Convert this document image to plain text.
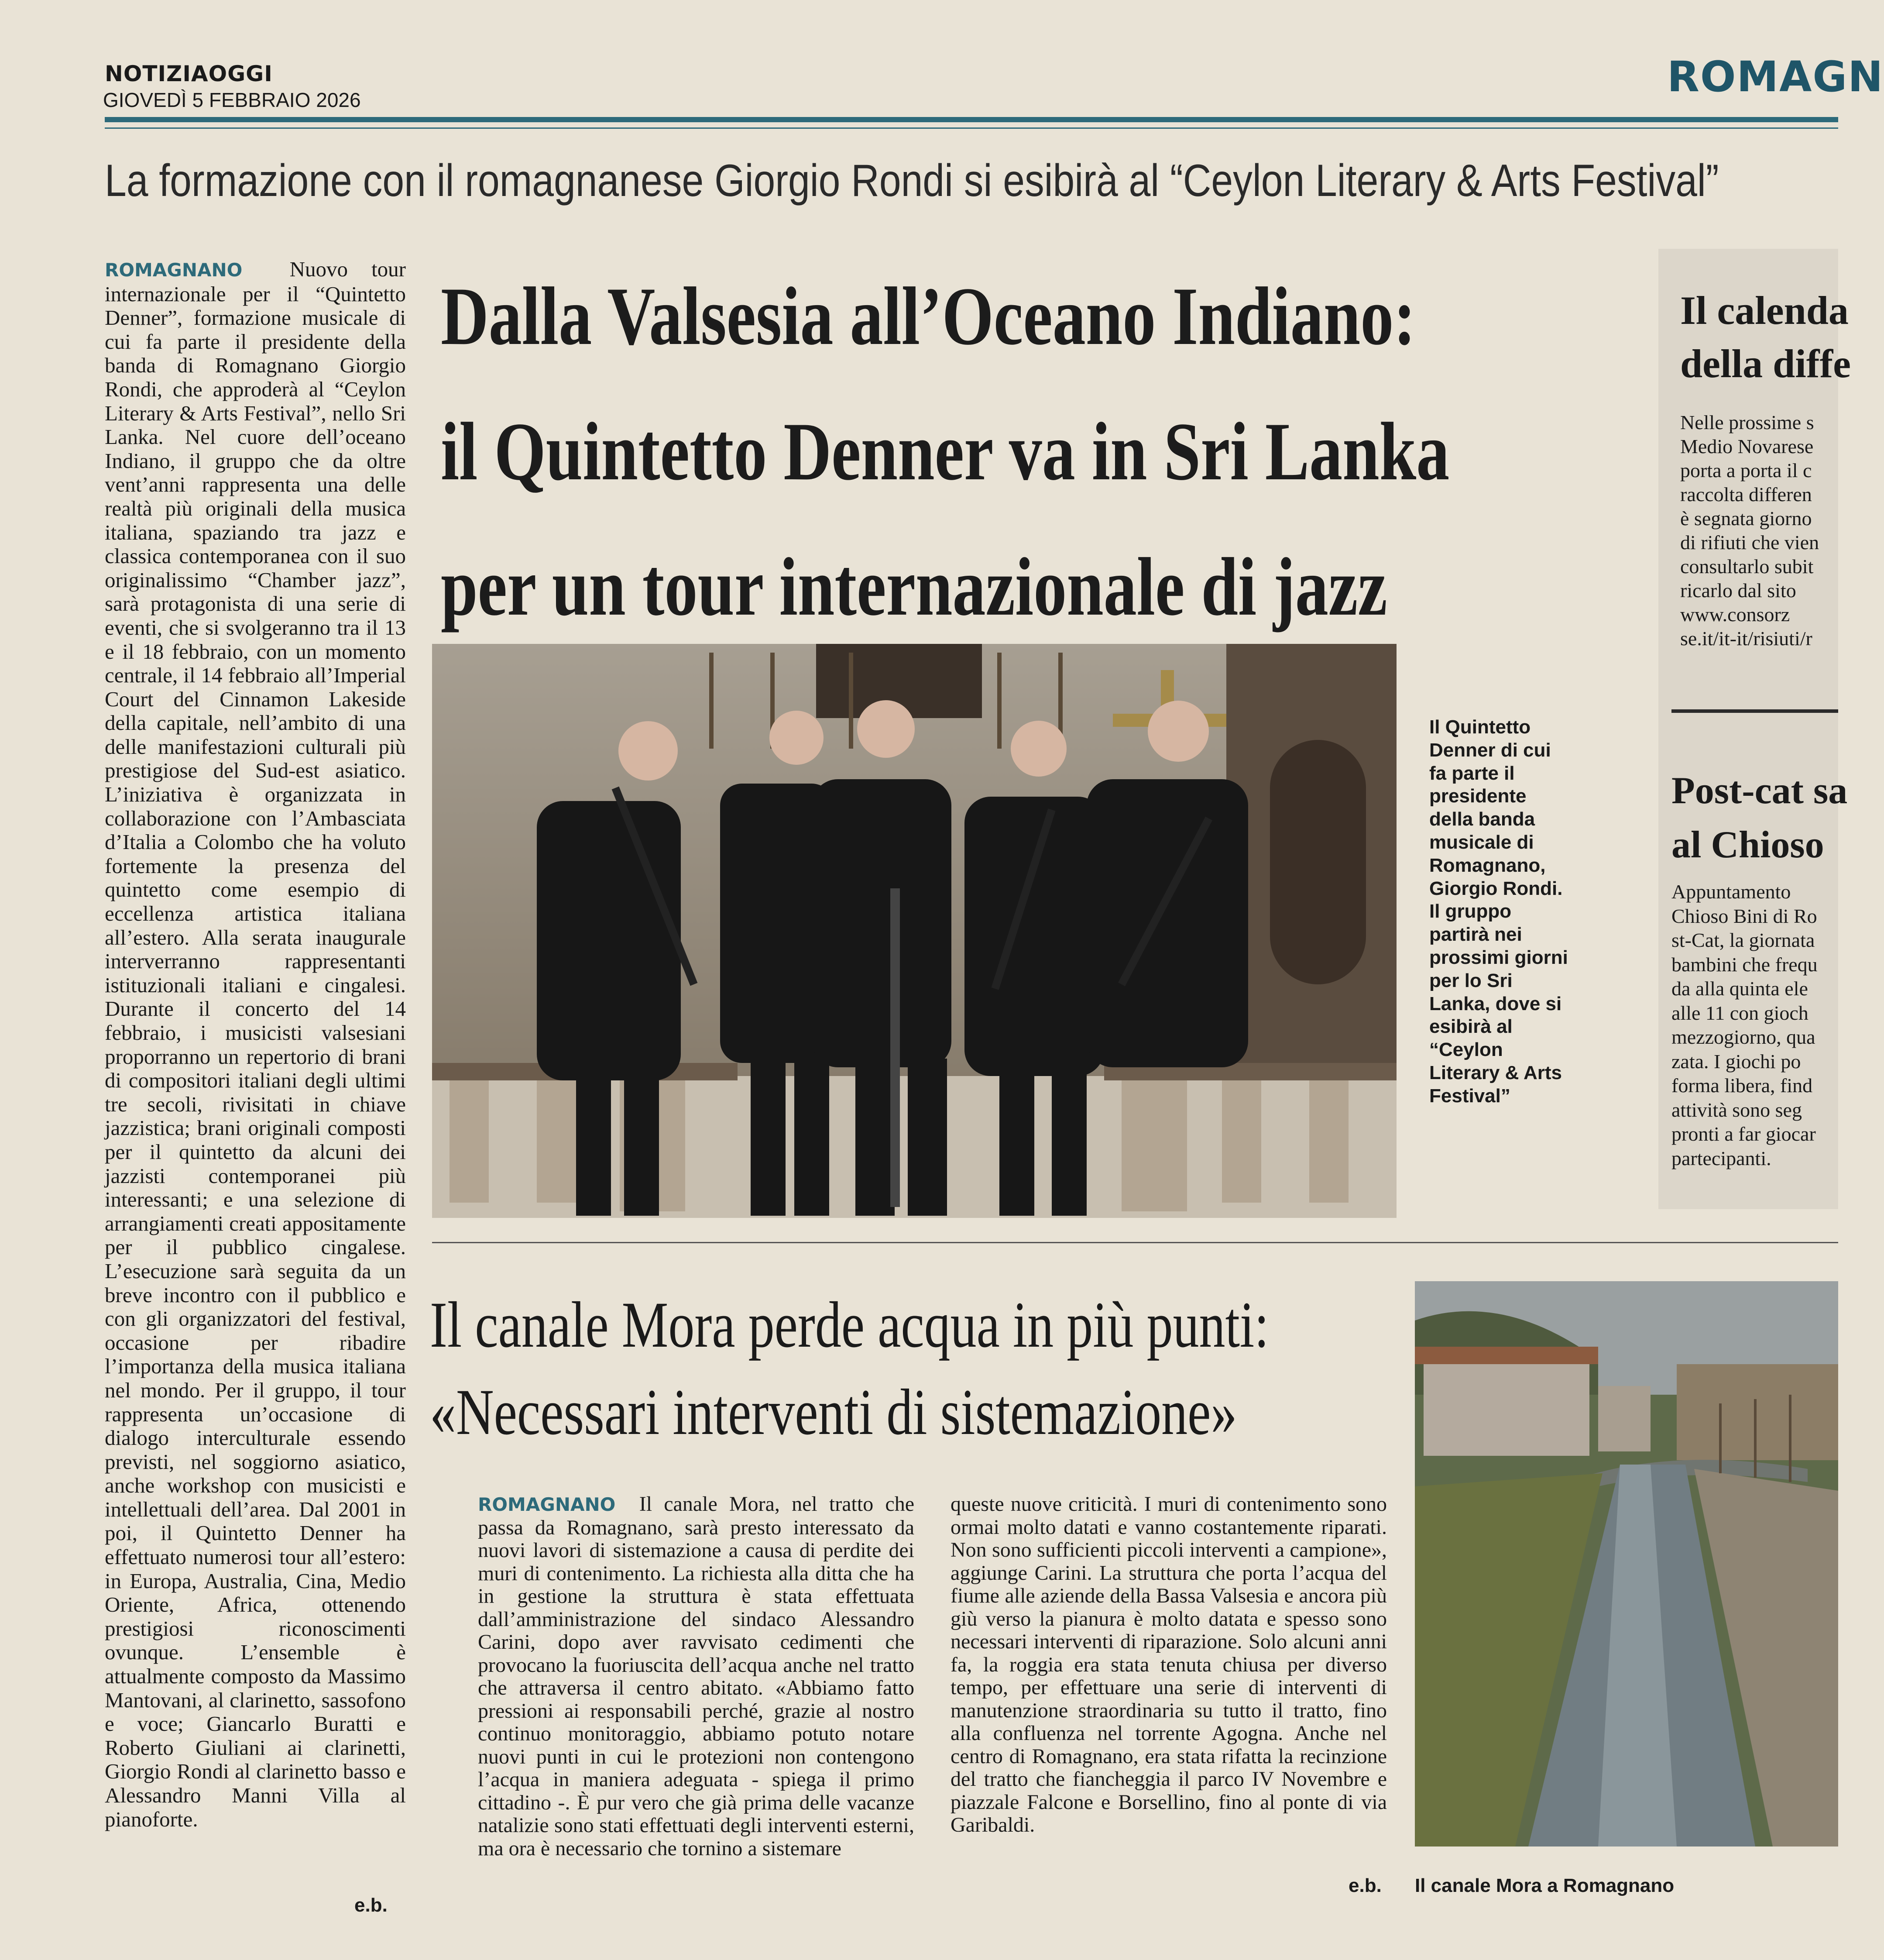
NOTIZIAOGGI
GIOVEDÌ 5 FEBBRAIO 2026	ROMAGN
La formazione con il romagnanese Giorgio Rondi si esibirà al “Ceylon Literary & Arts Festival”
ROMAGNANO Nuovo tour internazionale per il “Quintetto Denner”, formazione musicale di cui fa parte il presidente della banda di Romagnano Giorgio Rondi, che approderà al “Ceylon Literary & Arts Festival”, nello Sri Lanka. Nel cuore dell’oceano Indiano, il gruppo che da oltre vent’anni rappresenta una delle realtà più originali della musica italiana, spaziando tra jazz e classica contemporanea con il suo originalissimo “Chamber jazz”, sarà protagonista di una serie di eventi, che si svolgeranno tra il 13 e il 18 febbraio, con un momento centrale, il 14 febbraio all’Imperial Court del Cinnamon Lakeside della capitale, nell’ambito di una delle manifestazioni culturali più prestigiose del Sud-est asiatico. L’iniziativa è organizzata in collaborazione con l’Ambasciata d’Italia a Colombo che ha voluto fortemente la presenza del quintetto come esempio di eccellenza artistica italiana all’estero. Alla serata inaugurale interverranno rappresentanti istituzionali italiani e cingalesi. Durante il concerto del 14 febbraio, i musicisti valsesiani proporranno un repertorio di brani di compositori italiani degli ultimi tre secoli, rivisitati in chiave jazzistica; brani originali composti per il quintetto da alcuni dei jazzisti contemporanei più interessanti; e una selezione di arrangiamenti creati appositamente per il pubblico cingalese. L’esecuzione sarà seguita da un breve incontro con il pubblico e con gli organizzatori del festival, occasione per ribadire l’importanza della musica italiana nel mondo. Per il gruppo, il tour rappresenta un’occasione di dialogo interculturale essendo previsti, nel soggiorno asiatico, anche workshop con musicisti e intellettuali dell’area. Dal 2001 in poi, il Quintetto Denner ha effettuato numerosi tour all’estero: in Europa, Australia, Cina, Medio Oriente, Africa, ottenendo prestigiosi riconoscimenti ovunque. L’ensemble è attualmente composto da Massimo Mantovani, al clarinetto, sassofono e voce; Giancarlo Buratti e Roberto Giuliani ai clarinetti, Giorgio Rondi al clarinetto basso e Alessandro Manni Villa al pianoforte.
e.b.
Dalla Valsesia all’Oceano Indiano:
il Quintetto Denner va in Sri Lanka
per un tour internazionale di jazz
Il Quintetto Denner di cui fa parte il presidente della banda musicale di Romagnano, Giorgio Rondi. Il gruppo partirà nei prossimi giorni per lo Sri Lanka, dove si esibirà al “Ceylon Literary & Arts Festival”
Il canale Mora perde acqua in più punti:
«Necessari interventi di sistemazione»
ROMAGNANO Il canale Mora, nel tratto che passa da Romagnano, sarà presto interessato da nuovi lavori di sistemazione a causa di perdite dei muri di contenimento. La richiesta alla ditta che ha in gestione la struttura è stata effettuata dall’amministrazione del sindaco Alessandro Carini, dopo aver ravvisato cedimenti che provocano la fuoriuscita dell’acqua anche nel tratto che attraversa il centro abitato. «Abbiamo fatto pressioni ai responsabili perché, grazie al nostro continuo monitoraggio, abbiamo potuto notare nuovi punti in cui le protezioni non contengono l’acqua in maniera adeguata - spiega il primo cittadino -. È pur vero che già prima delle vacanze natalizie sono stati effettuati degli interventi esterni, ma ora è necessario che tornino a sistemare
queste nuove criticità. I muri di contenimento sono ormai molto datati e vanno costantemente riparati. Non sono sufficienti piccoli interventi a campione», aggiunge Carini. La struttura che porta l’acqua del fiume alle aziende della Bassa Valsesia e ancora più giù verso la pianura è molto datata e spesso sono necessari interventi di riparazione. Solo alcuni anni fa, la roggia era stata tenuta chiusa per diverso tempo, per effettuare una serie di interventi di manutenzione straordinaria su tutto il tratto, fino alla confluenza nel torrente Agogna. Anche nel centro di Romagnano, era stata rifatta la recinzione del tratto che fiancheggia il parco IV Novembre e piazzale Falcone e Borsellino, fino al ponte di via Garibaldi.
e.b. Il canale Mora a Romagnano
Il calenda
della diffe
Nelle prossime s
Medio Novarese
porta a porta il c
raccolta differen
è segnata giorno
di rifiuti che vien
consultarlo subit
ricarlo dal sito
www.consorz
se.it/it-it/risiuti/r
Post-cat sa
al Chioso
Appuntamento
Chioso Bini di Ro
st-Cat, la giornata
bambini che frequ
da alla quinta ele
alle 11 con gioch
mezzogiorno, qua
zata. I giochi po
forma libera, find
attività sono seg
pronti a far giocar
partecipanti.
